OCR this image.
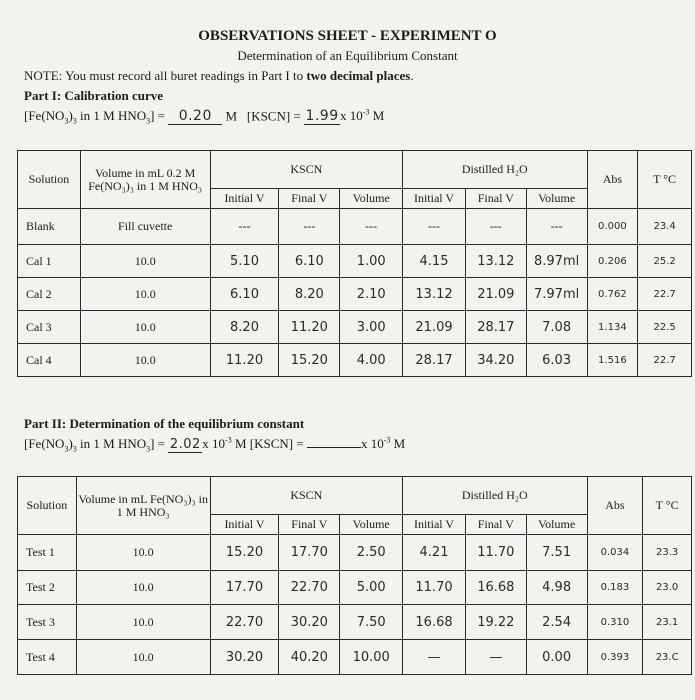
OBSERVATIONS SHEET - EXPERIMENT O
Determination of an Equilibrium Constant
NOTE: You must record all buret readings in Part I to two decimal places.
Part I: Calibration curve
[$Fe(NO_3)_3$ in 1 M $HNO_3] = 0.20$ M [KSCN] = 1.99x $10^{-3}$ M
Solution	Volume in mL 0.2 M Fe(NO₃)₃ in 1 M HNO₃	KSCN			Distilled H₂O			Abs	T °C
		Initial V	Final V	Volume	Initial V	Final V	Volume		
Blank	Fill cuvette	---	---	---	---	---	---	0.000	23.4
Cal 1	10.0	5.10	6.10	1.00	4.15	13.12	8.97ml	0.206	25.2
Cal 2	10.0	6.10	8.20	2.10	13.12	21.09	7.97ml	0.762	22.7
Cal 3	10.0	8.20	11.20	3.00	21.09	28.17	7.08	1.134	22.5
Cal 4	10.0	11.20	15.20	4.00	28.17	34.20	6.03	1.516	22.7
Part II: Determination of the equilibrium constant
[$Fe(NO_3)_3$ in 1 M $HNO_3] = 2.02$ x $10^{-3}$ M [KSCN] =	x $10^{-3}$ M
Solution	Volume in mL Fe(NO₃)₃ in 1 M HNO₃	KSCN			Distilled H₂O			Abs	T °C
		Initial V	Final V	Volume	Initial V	Final V	Volume		
Test 1	10.0	15.20	17.70	2.50	4.21	11.70	7.51	0.034	23.3
Test 2	10.0	17.70	22.70	5.00	11.70	16.68	4.98	0.183	23.0
Test 3	10.0	22.70	30.20	7.50	16.68	19.22	2.54	0.310	23.1
Test 4	10.0	30.20	40.20	10.00	—	—	0.00	0.393	23.C
